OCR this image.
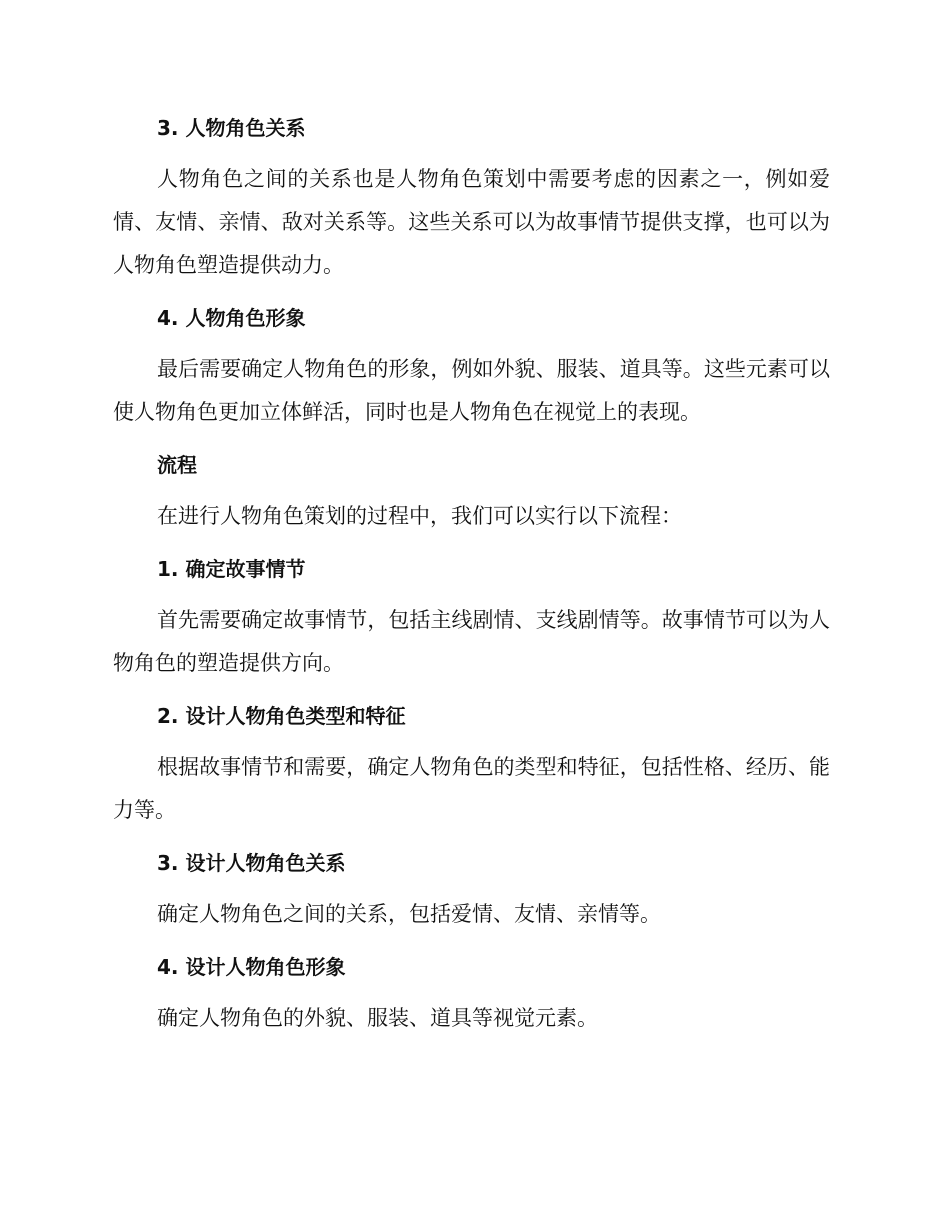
3. 人物角色关系

人物角色之间的关系也是人物角色策划中需要考虑的因素之一，例如爱情、友情、亲情、敌对关系等。这些关系可以为故事情节提供支撑，也可以为人物角色塑造提供动力。

4. 人物角色形象

最后需要确定人物角色的形象，例如外貌、服装、道具等。这些元素可以使人物角色更加立体鲜活，同时也是人物角色在视觉上的表现。

流程

在进行人物角色策划的过程中，我们可以实行以下流程：

1. 确定故事情节

首先需要确定故事情节，包括主线剧情、支线剧情等。故事情节可以为人物角色的塑造提供方向。

2. 设计人物角色类型和特征

根据故事情节和需要，确定人物角色的类型和特征，包括性格、经历、能力等。

3. 设计人物角色关系

确定人物角色之间的关系，包括爱情、友情、亲情等。

4. 设计人物角色形象

确定人物角色的外貌、服装、道具等视觉元素。
